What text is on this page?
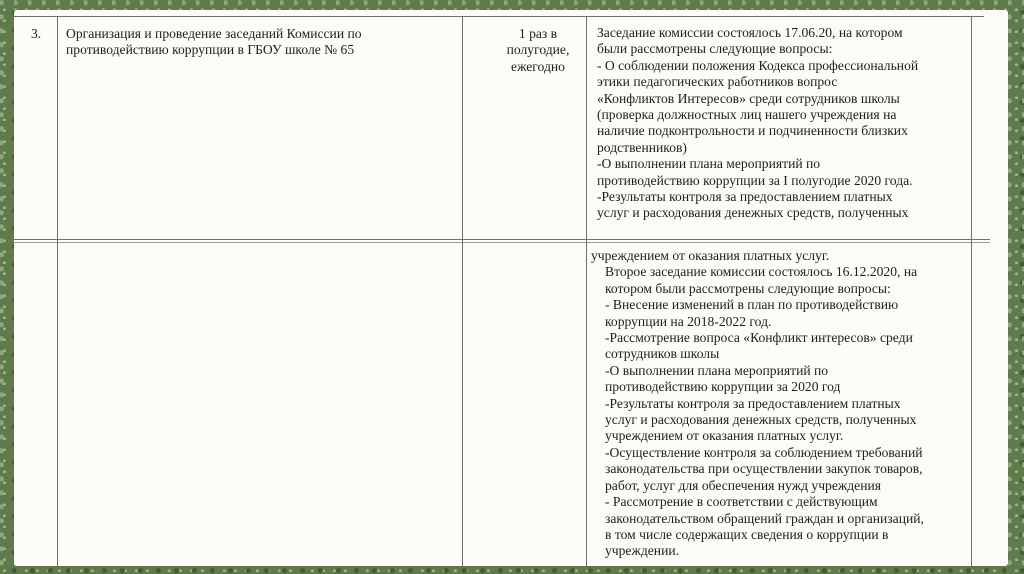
3. Организация и проведение заседаний Комиссии по
противодействию коррупции в ГБОУ школе № 65
1 раз в
полугодие,
ежегодно
Заседание комиссии состоялось 17.06.20, на котором
были рассмотрены следующие вопросы:
- О соблюдении положения Кодекса профессиональной
этики педагогических работников вопрос
«Конфликтов Интересов» среди сотрудников школы
(проверка должностных лиц нашего учреждения на
наличие подконтрольности и подчиненности близких
родственников)
-О выполнении плана мероприятий по
противодействию коррупции за I полугодие 2020 года.
-Результаты контроля за предоставлением платных
услуг и расходования денежных средств, полученных
учреждением от оказания платных услуг.
Второе заседание комиссии состоялось 16.12.2020, на
котором были рассмотрены следующие вопросы:
- Внесение изменений в план по противодействию
коррупции на 2018-2022 год.
-Рассмотрение вопроса «Конфликт интересов» среди
сотрудников школы
-О выполнении плана мероприятий по
противодействию коррупции за 2020 год
-Результаты контроля за предоставлением платных
услуг и расходования денежных средств, полученных
учреждением от оказания платных услуг.
-Осуществление контроля за соблюдением требований
законодательства при осуществлении закупок товаров,
работ, услуг для обеспечения нужд учреждения
- Рассмотрение в соответствии с действующим
законодательством обращений граждан и организаций,
в том числе содержащих сведения о коррупции в
учреждении.
